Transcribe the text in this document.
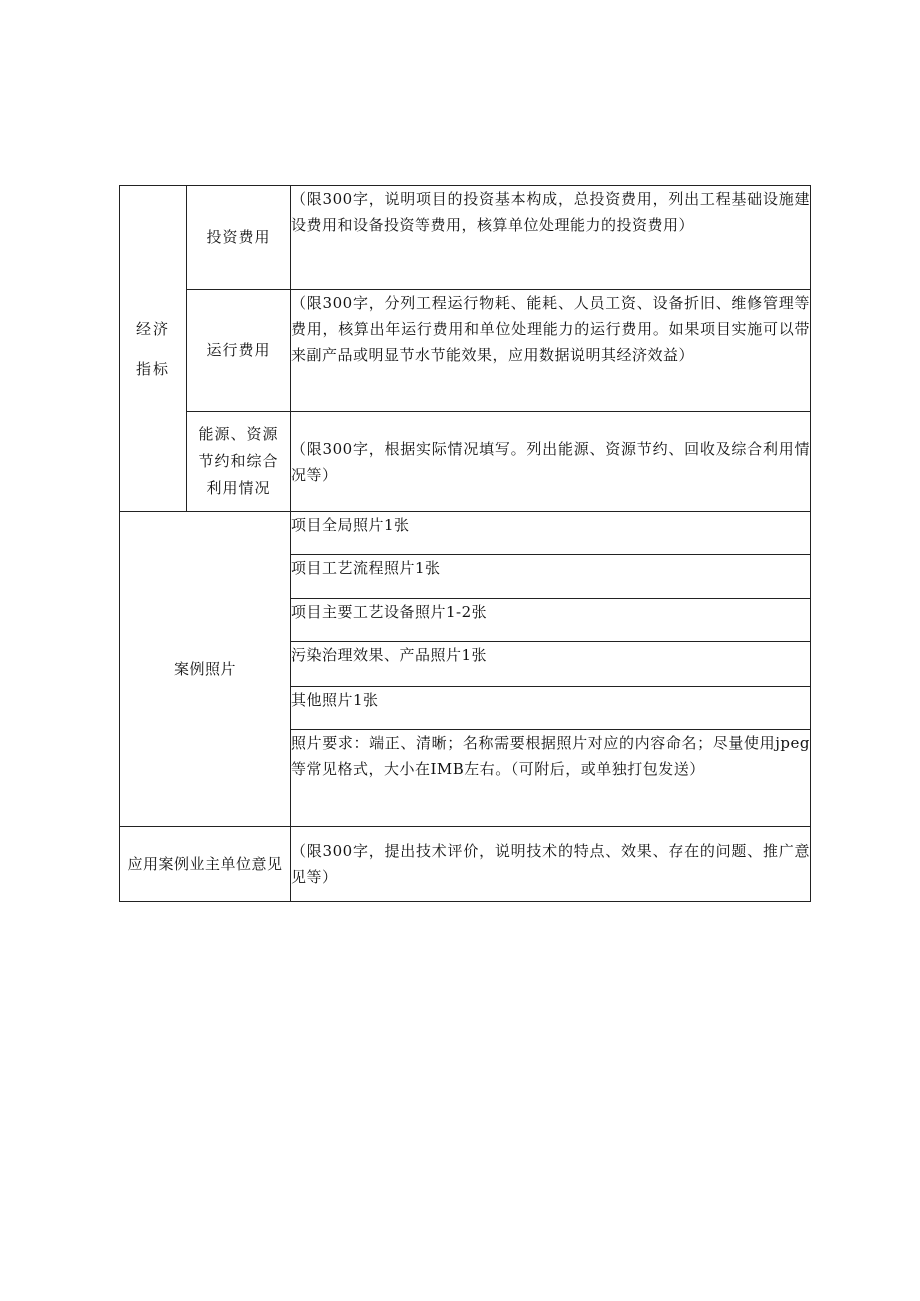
经济
指标	投资费用	（限300字，说明项目的投资基本构成，总投资费用，列出工程基础设施建设费用和设备投资等费用，核算单位处理能力的投资费用）
	运行费用	（限300字，分列工程运行物耗、能耗、人员工资、设备折旧、维修管理等费用，核算出年运行费用和单位处理能力的运行费用。如果项目实施可以带来副产品或明显节水节能效果，应用数据说明其经济效益）
	能源、资源
节约和综合
利用情况	（限300字，根据实际情况填写。列出能源、资源节约、回收及综合利用情况等）
案例照片		项目全局照片1张
		项目工艺流程照片1张
		项目主要工艺设备照片1-2张
		污染治理效果、产品照片1张
		其他照片1张
		照片要求：端正、清晰；名称需要根据照片对应的内容命名；尽量使用jpeg等常见格式，大小在IMB左右。（可附后，或单独打包发送）
应用案例业主单位意见		（限300字，提出技术评价，说明技术的特点、效果、存在的问题、推广意见等）
